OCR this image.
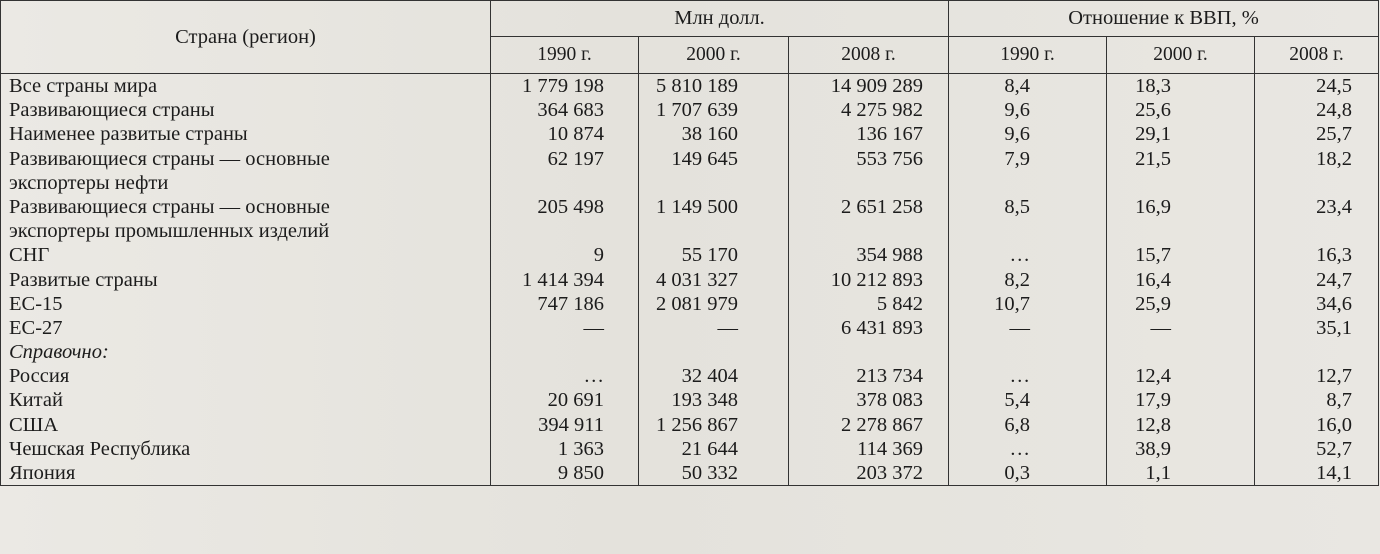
Страна (регион)	Млн долл.			Отношение к ВВП, %		
	1990 г.	2000 г.	2008 г.	1990 г.	2000 г.	2008 г.
Все страны мира	1 779 198	5 810 189	14 909 289	8,4	18,3	24,5
Развивающиеся страны	364 683	1 707 639	4 275 982	9,6	25,6	24,8
Наименее развитые страны	10 874	38 160	136 167	9,6	29,1	25,7

Развивающиеся страны — основные
экспортеры нефти	62 197	149 645	553 756	7,9	21,5	18,2

Развивающиеся страны — основные
экспортеры промышленных изделий	205 498	1 149 500	2 651 258	8,5	16,9	23,4
СНГ	9	55 170	354 988	…	15,7	16,3
Развитые страны	1 414 394	4 031 327	10 212 893	8,2	16,4	24,7
ЕС-15	747 186	2 081 979	5 842	10,7	25,9	34,6
ЕС-27	—	—	6 431 893	—	—	35,1
Справочно:						
Россия	…	32 404	213 734	…	12,4	12,7
Китай	20 691	193 348	378 083	5,4	17,9	8,7
США	394 911	1 256 867	2 278 867	6,8	12,8	16,0
Чешская Республика	1 363	21 644	114 369	…	38,9	52,7
Япония	9 850	50 332	203 372	0,3	1,1	14,1
